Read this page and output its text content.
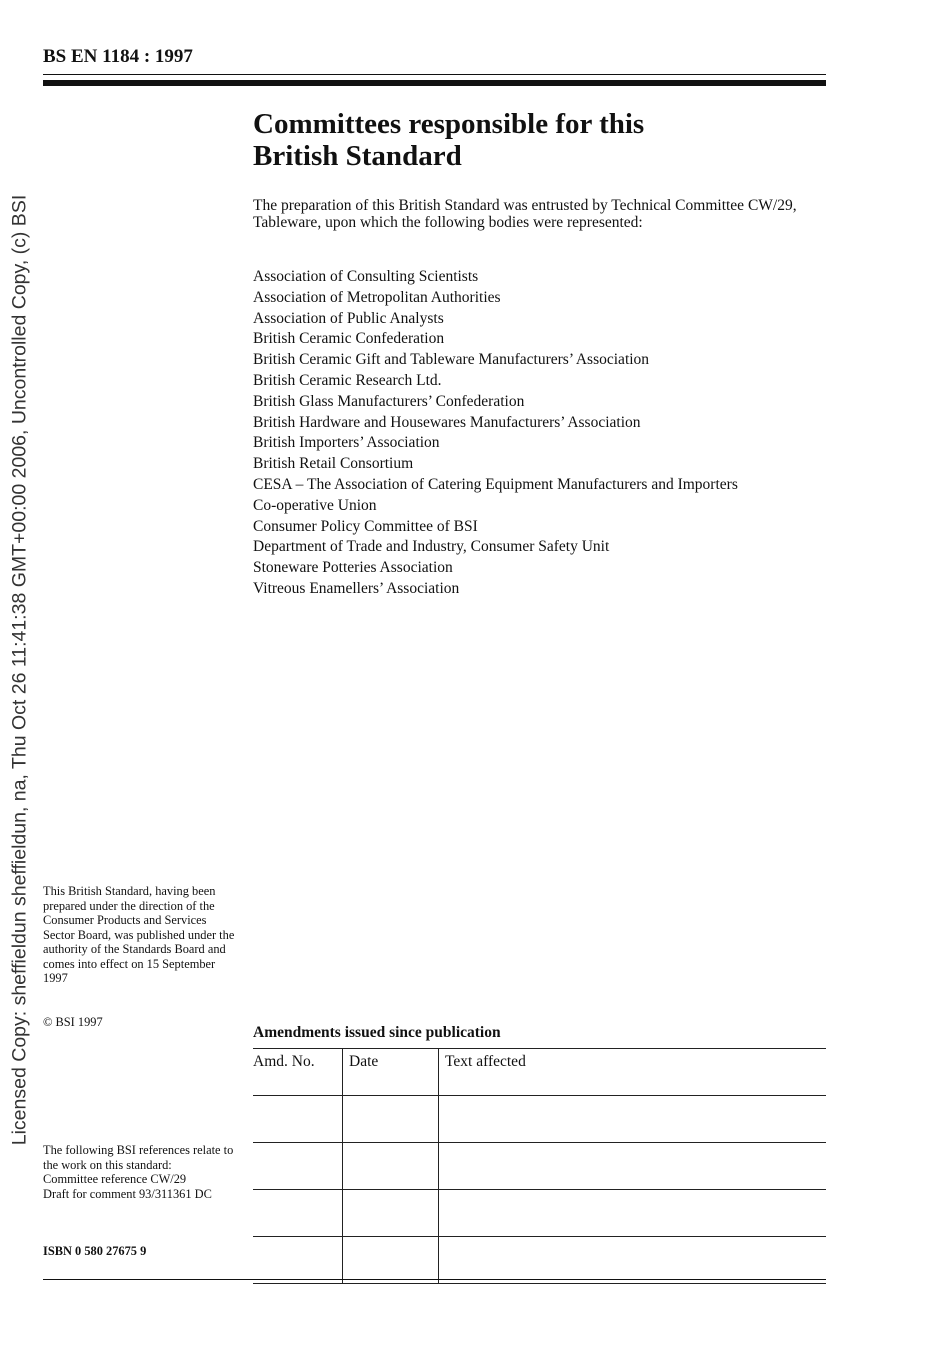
BS EN 1184 : 1997
Licensed Copy: sheffieldun sheffieldun, na, Thu Oct 26 11:41:38 GMT+00:00 2006, Uncontrolled Copy, (c) BSI
Committees responsible for this
British Standard

The preparation of this British Standard was entrusted by Technical Committee CW/29, Tableware, upon which the following bodies were represented:

Association of Consulting Scientists
Association of Metropolitan Authorities
Association of Public Analysts
British Ceramic Confederation
British Ceramic Gift and Tableware Manufacturers’ Association
British Ceramic Research Ltd.
British Glass Manufacturers’ Confederation
British Hardware and Housewares Manufacturers’ Association
British Importers’ Association
British Retail Consortium
CESA – The Association of Catering Equipment Manufacturers and Importers
Co-operative Union
Consumer Policy Committee of BSI
Department of Trade and Industry, Consumer Safety Unit
Stoneware Potteries Association
Vitreous Enamellers’ Association

This British Standard, having been prepared under the direction of the Consumer Products and Services Sector Board, was published under the authority of the Standards Board and comes into effect on 15 September 1997

© BSI 1997

The following BSI references relate to the work on this standard:
Committee reference CW/29
Draft for comment 93/311361 DC

ISBN 0 580 27675 9

Amendments issued since publication
Amd. No.	Date	Text affected
